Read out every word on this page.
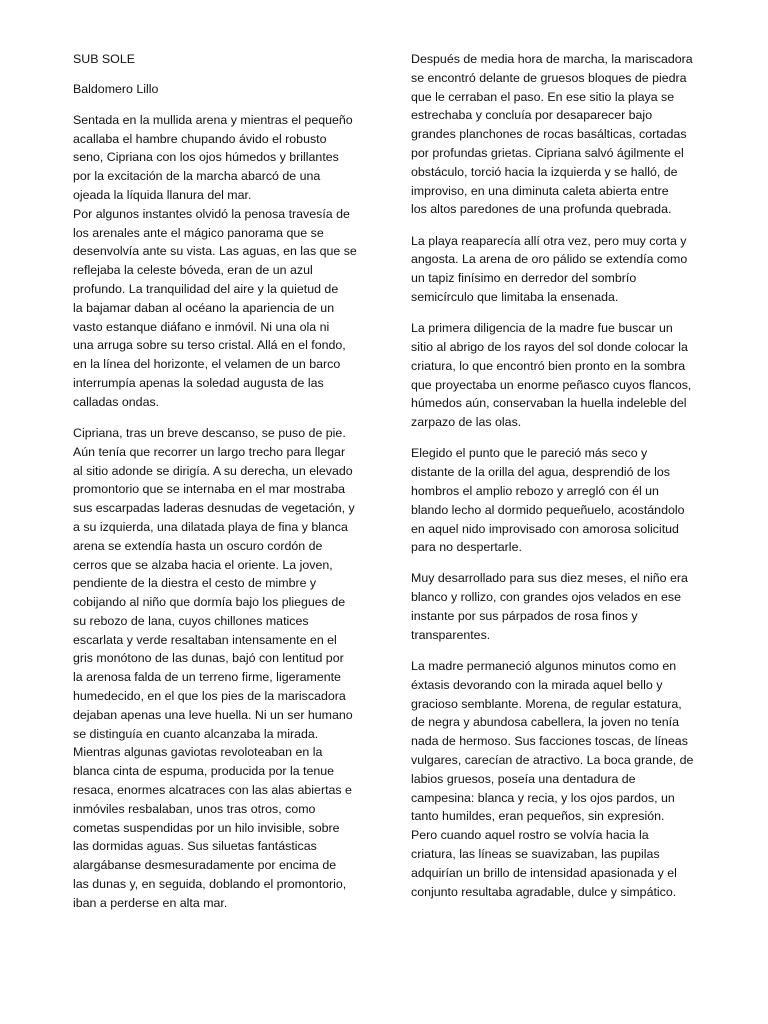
SUB SOLE
Baldomero Lillo
Sentada en la mullida arena y mientras el pequeño
acallaba el hambre chupando ávido el robusto
seno, Cipriana con los ojos húmedos y brillantes
por la excitación de la marcha abarcó de una
ojeada la líquida llanura del mar.
Por algunos instantes olvidó la penosa travesía de
los arenales ante el mágico panorama que se
desenvolvía ante su vista. Las aguas, en las que se
reflejaba la celeste bóveda, eran de un azul
profundo. La tranquilidad del aire y la quietud de
la bajamar daban al océano la apariencia de un
vasto estanque diáfano e inmóvil. Ni una ola ni
una arruga sobre su terso cristal. Allá en el fondo,
en la línea del horizonte, el velamen de un barco
interrumpía apenas la soledad augusta de las
calladas ondas.
Cipriana, tras un breve descanso, se puso de pie.
Aún tenía que recorrer un largo trecho para llegar
al sitio adonde se dirigía. A su derecha, un elevado
promontorio que se internaba en el mar mostraba
sus escarpadas laderas desnudas de vegetación, y
a su izquierda, una dilatada playa de fina y blanca
arena se extendía hasta un oscuro cordón de
cerros que se alzaba hacia el oriente. La joven,
pendiente de la diestra el cesto de mimbre y
cobijando al niño que dormía bajo los pliegues de
su rebozo de lana, cuyos chillones matices
escarlata y verde resaltaban intensamente en el
gris monótono de las dunas, bajó con lentitud por
la arenosa falda de un terreno firme, ligeramente
humedecido, en el que los pies de la mariscadora
dejaban apenas una leve huella. Ni un ser humano
se distinguía en cuanto alcanzaba la mirada.
Mientras algunas gaviotas revoloteaban en la
blanca cinta de espuma, producida por la tenue
resaca, enormes alcatraces con las alas abiertas e
inmóviles resbalaban, unos tras otros, como
cometas suspendidas por un hilo invisible, sobre
las dormidas aguas. Sus siluetas fantásticas
alargábanse desmesuradamente por encima de
las dunas y, en seguida, doblando el promontorio,
iban a perderse en alta mar.
Después de media hora de marcha, la mariscadora
se encontró delante de gruesos bloques de piedra
que le cerraban el paso. En ese sitio la playa se
estrechaba y concluía por desaparecer bajo
grandes planchones de rocas basálticas, cortadas
por profundas grietas. Cipriana salvó ágilmente el
obstáculo, torció hacia la izquierda y se halló, de
improviso, en una diminuta caleta abierta entre
los altos paredones de una profunda quebrada.
La playa reaparecía allí otra vez, pero muy corta y
angosta. La arena de oro pálido se extendía como
un tapiz finísimo en derredor del sombrío
semicírculo que limitaba la ensenada.
La primera diligencia de la madre fue buscar un
sitio al abrigo de los rayos del sol donde colocar la
criatura, lo que encontró bien pronto en la sombra
que proyectaba un enorme peñasco cuyos flancos,
húmedos aún, conservaban la huella indeleble del
zarpazo de las olas.
Elegido el punto que le pareció más seco y
distante de la orilla del agua, desprendió de los
hombros el amplio rebozo y arregló con él un
blando lecho al dormido pequeñuelo, acostándolo
en aquel nido improvisado con amorosa solicitud
para no despertarle.
Muy desarrollado para sus diez meses, el niño era
blanco y rollizo, con grandes ojos velados en ese
instante por sus párpados de rosa finos y
transparentes.
La madre permaneció algunos minutos como en
éxtasis devorando con la mirada aquel bello y
gracioso semblante. Morena, de regular estatura,
de negra y abundosa cabellera, la joven no tenía
nada de hermoso. Sus facciones toscas, de líneas
vulgares, carecían de atractivo. La boca grande, de
labios gruesos, poseía una dentadura de
campesina: blanca y recia, y los ojos pardos, un
tanto humildes, eran pequeños, sin expresión.
Pero cuando aquel rostro se volvía hacia la
criatura, las líneas se suavizaban, las pupilas
adquirían un brillo de intensidad apasionada y el
conjunto resultaba agradable, dulce y simpático.
